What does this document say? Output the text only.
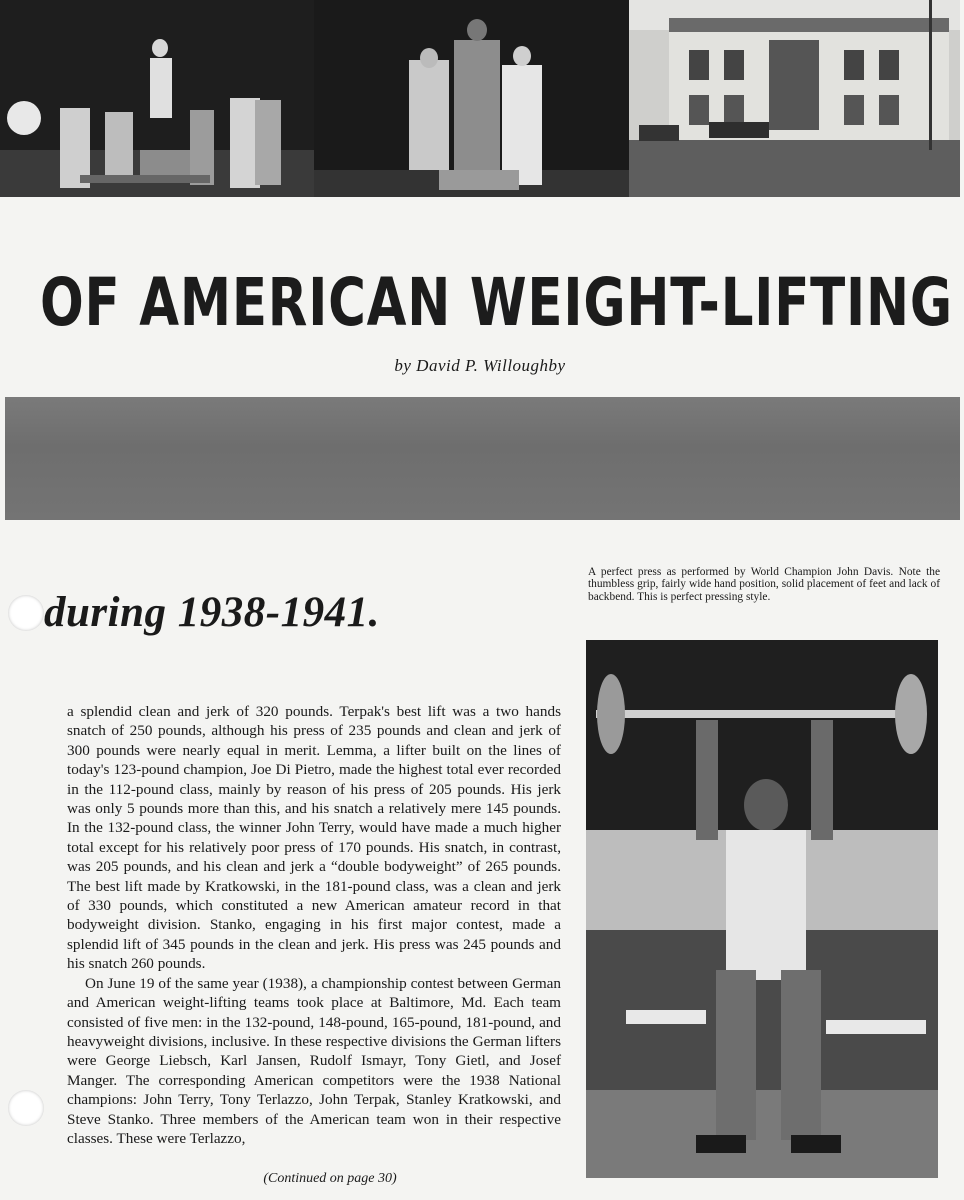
OF AMERICAN WEIGHT-LIFTING
by David P. Willoughby
during 1938-1941.
A perfect press as performed by World Champion John Davis. Note the thumbless grip, fairly wide hand position, solid placement of feet and lack of backbend. This is perfect pressing style.

a splendid clean and jerk of 320 pounds. Terpak's best lift was a two hands snatch of 250 pounds, although his press of 235 pounds and clean and jerk of 300 pounds were nearly equal in merit. Lemma, a lifter built on the lines of today's 123-pound champion, Joe Di Pietro, made the highest total ever recorded in the 112-pound class, mainly by reason of his press of 205 pounds. His jerk was only 5 pounds more than this, and his snatch a relatively mere 145 pounds. In the 132-pound class, the winner John Terry, would have made a much higher total except for his relatively poor press of 170 pounds. His snatch, in contrast, was 205 pounds, and his clean and jerk a “double bodyweight” of 265 pounds. The best lift made by Kratkowski, in the 181-pound class, was a clean and jerk of 330 pounds, which constituted a new American amateur record in that bodyweight division. Stanko, engaging in his first major contest, made a splendid lift of 345 pounds in the clean and jerk. His press was 245 pounds and his snatch 260 pounds.

On June 19 of the same year (1938), a championship contest between German and American weight-lifting teams took place at Baltimore, Md. Each team consisted of five men: in the 132-pound, 148-pound, 165-pound, 181-pound, and heavyweight divisions, inclusive. In these respective divisions the German lifters were George Liebsch, Karl Jansen, Rudolf Ismayr, Tony Gietl, and Josef Manger. The corresponding American competitors were the 1938 National champions: John Terry, Tony Terlazzo, John Terpak, Stanley Kratkowski, and Steve Stanko. Three members of the American team won in their respective classes. These were Terlazzo,

(Continued on page 30)
